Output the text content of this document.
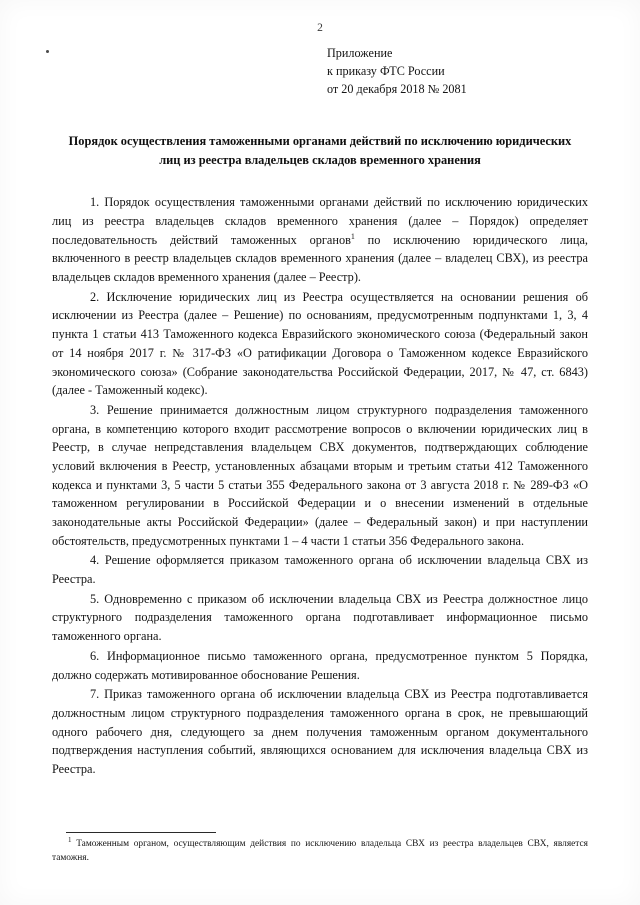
2
Приложение
к приказу ФТС России
от 20 декабря 2018 № 2081
Порядок осуществления таможенными органами действий по исключению юридических лиц из реестра владельцев складов временного хранения

1. Порядок осуществления таможенными органами действий по исключению юридических лиц из реестра владельцев складов временного хранения (далее – Порядок) определяет последовательность действий таможенных органов$^1$ по исключению юридического лица, включенного в реестр владельцев складов временного хранения (далее – владелец СВХ), из реестра владельцев складов временного хранения (далее – Реестр).

2. Исключение юридических лиц из Реестра осуществляется на основании решения об исключении из Реестра (далее – Решение) по основаниям, предусмотренным подпунктами 1, 3, 4 пункта 1 статьи 413 Таможенного кодекса Евразийского экономического союза (Федеральный закон от 14 ноября 2017 г. № 317-ФЗ «О ратификации Договора о Таможенном кодексе Евразийского экономического союза» (Собрание законодательства Российской Федерации, 2017, № 47, ст. 6843) (далее - Таможенный кодекс).

3. Решение принимается должностным лицом структурного подразделения таможенного органа, в компетенцию которого входит рассмотрение вопросов о включении юридических лиц в Реестр, в случае непредставления владельцем СВХ документов, подтверждающих соблюдение условий включения в Реестр, установленных абзацами вторым и третьим статьи 412 Таможенного кодекса и пунктами 3, 5 части 5 статьи 355 Федерального закона от 3 августа 2018 г. № 289-ФЗ «О таможенном регулировании в Российской Федерации и о внесении изменений в отдельные законодательные акты Российской Федерации» (далее – Федеральный закон) и при наступлении обстоятельств, предусмотренных пунктами 1 – 4 части 1 статьи 356 Федерального закона.

4. Решение оформляется приказом таможенного органа об исключении владельца СВХ из Реестра.

5. Одновременно с приказом об исключении владельца СВХ из Реестра должностное лицо структурного подразделения таможенного органа подготавливает информационное письмо таможенного органа.

6. Информационное письмо таможенного органа, предусмотренное пунктом 5 Порядка, должно содержать мотивированное обоснование Решения.

7. Приказ таможенного органа об исключении владельца СВХ из Реестра подготавливается должностным лицом структурного подразделения таможенного органа в срок, не превышающий одного рабочего дня, следующего за днем получения таможенным органом документального подтверждения наступления событий, являющихся основанием для исключения владельца СВХ из Реестра.

$^1$ Таможенным органом, осуществляющим действия по исключению владельца СВХ из реестра владельцев СВХ, является таможня.
